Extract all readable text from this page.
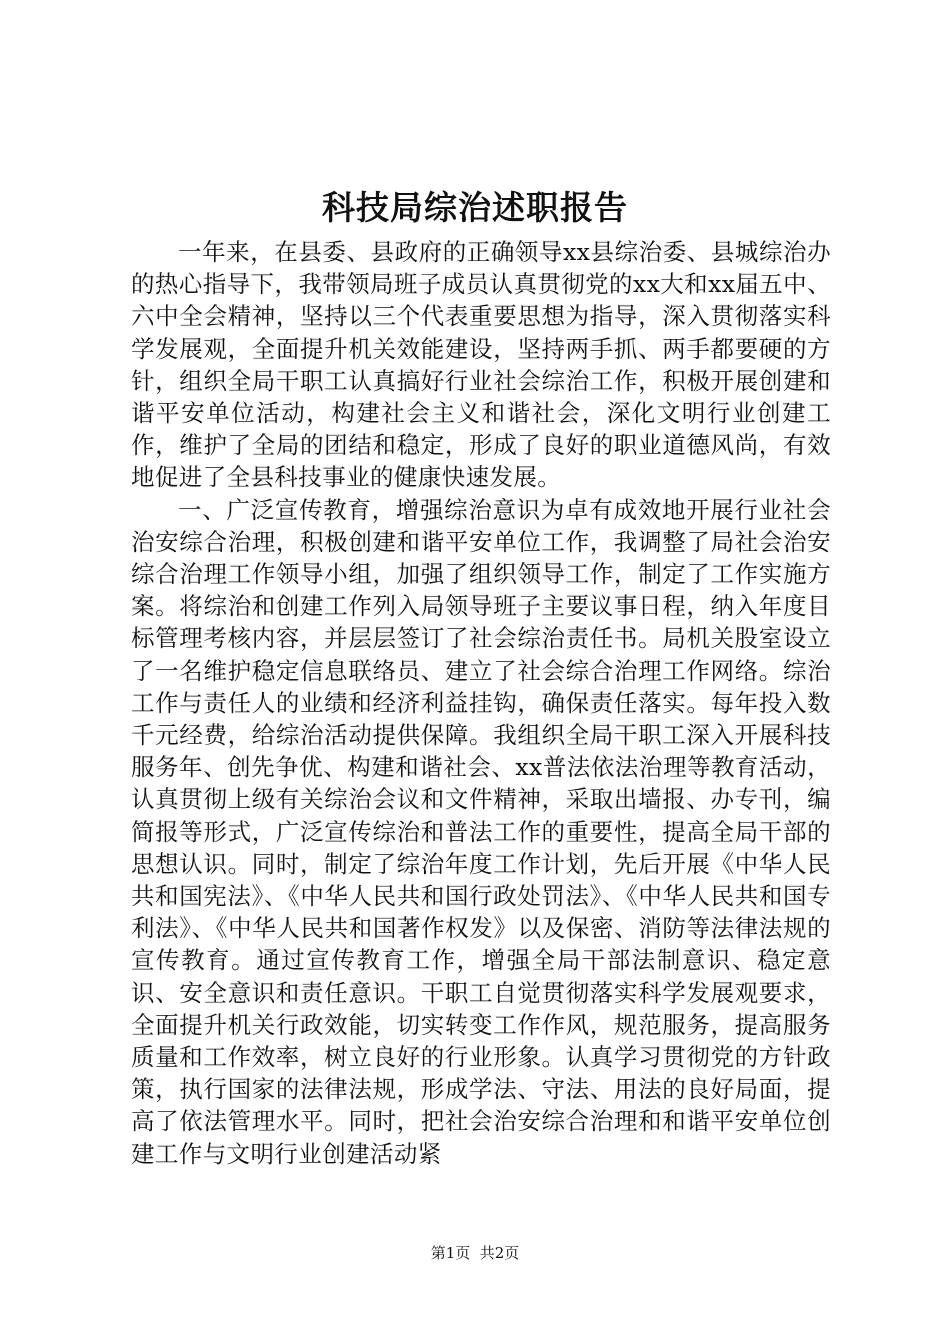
科技局综治述职报告

一年来，在县委、县政府的正确领导xx县综治委、县城综治办的热心指导下，我带领局班子成员认真贯彻党的xx大和xx届五中、六中全会精神，坚持以三个代表重要思想为指导，深入贯彻落实科学发展观，全面提升机关效能建设，坚持两手抓、两手都要硬的方针，组织全局干职工认真搞好行业社会综治工作，积极开展创建和谐平安单位活动，构建社会主义和谐社会，深化文明行业创建工作，维护了全局的团结和稳定，形成了良好的职业道德风尚，有效地促进了全县科技事业的健康快速发展。

一、广泛宣传教育，增强综治意识为卓有成效地开展行业社会治安综合治理，积极创建和谐平安单位工作，我调整了局社会治安综合治理工作领导小组，加强了组织领导工作，制定了工作实施方案。将综治和创建工作列入局领导班子主要议事日程，纳入年度目标管理考核内容，并层层签订了社会综治责任书。局机关股室设立了一名维护稳定信息联络员、建立了社会综合治理工作网络。综治工作与责任人的业绩和经济利益挂钩，确保责任落实。每年投入数千元经费，给综治活动提供保障。我组织全局干职工深入开展科技服务年、创先争优、构建和谐社会、xx普法依法治理等教育活动，认真贯彻上级有关综治会议和文件精神，采取出墙报、办专刊，编简报等形式，广泛宣传综治和普法工作的重要性，提高全局干部的思想认识。同时，制定了综治年度工作计划，先后开展《中华人民共和国宪法》、《中华人民共和国行政处罚法》、《中华人民共和国专利法》、《中华人民共和国著作权发》以及保密、消防等法律法规的宣传教育。通过宣传教育工作，增强全局干部法制意识、稳定意识、安全意识和责任意识。干职工自觉贯彻落实科学发展观要求，全面提升机关行政效能，切实转变工作作风，规范服务，提高服务质量和工作效率，树立良好的行业形象。认真学习贯彻党的方针政策，执行国家的法律法规，形成学法、守法、用法的良好局面，提高了依法管理水平。同时，把社会治安综合治理和和谐平安单位创建工作与文明行业创建活动紧

第1页  共2页
